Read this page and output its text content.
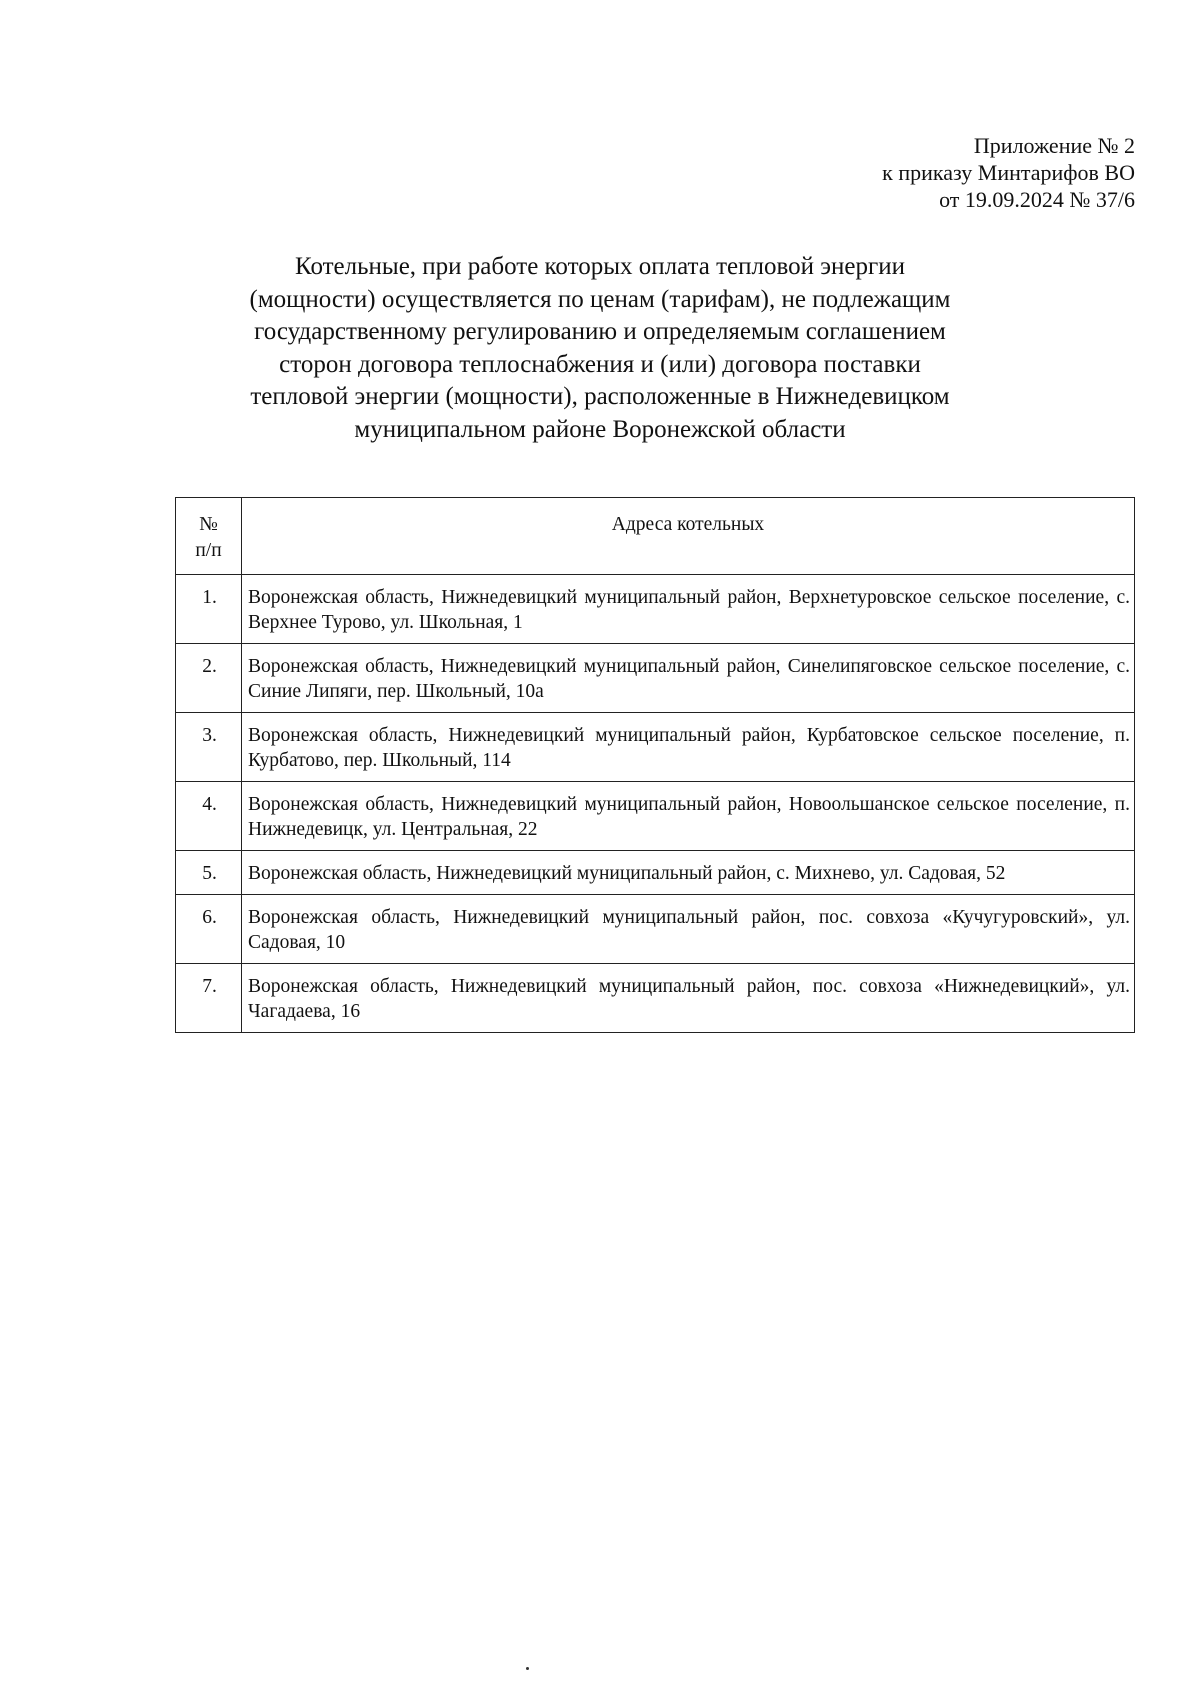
Приложение № 2
к приказу Минтарифов ВО
от 19.09.2024 № 37/6
Котельные, при работе которых оплата тепловой энергии
(мощности) осуществляется по ценам (тарифам), не подлежащим
государственному регулированию и определяемым соглашением
сторон договора теплоснабжения и (или) договора поставки
тепловой энергии (мощности), расположенные в Нижнедевицком
муниципальном районе Воронежской области
№
п/п	Адреса котельных
1.	Воронежская область, Нижнедевицкий муниципальный район, Верхнетуровское сельское поселение, с. Верхнее Турово, ул. Школьная, 1
2.	Воронежская область, Нижнедевицкий муниципальный район, Синелипяговское сельское поселение, с. Синие Липяги, пер. Школьный, 10а
3.	Воронежская область, Нижнедевицкий муниципальный район, Курбатовское сельское поселение, п. Курбатово, пер. Школьный, 114
4.	Воронежская область, Нижнедевицкий муниципальный район, Новоольшанское сельское поселение, п. Нижнедевицк, ул. Центральная, 22
5.	Воронежская область, Нижнедевицкий муниципальный район, с. Михнево, ул. Садовая, 52
6.	Воронежская область, Нижнедевицкий муниципальный район, пос. совхоза «Кучугуровский», ул. Садовая, 10
7.	Воронежская область, Нижнедевицкий муниципальный район, пос. совхоза «Нижнедевицкий», ул. Чагадаева, 16
